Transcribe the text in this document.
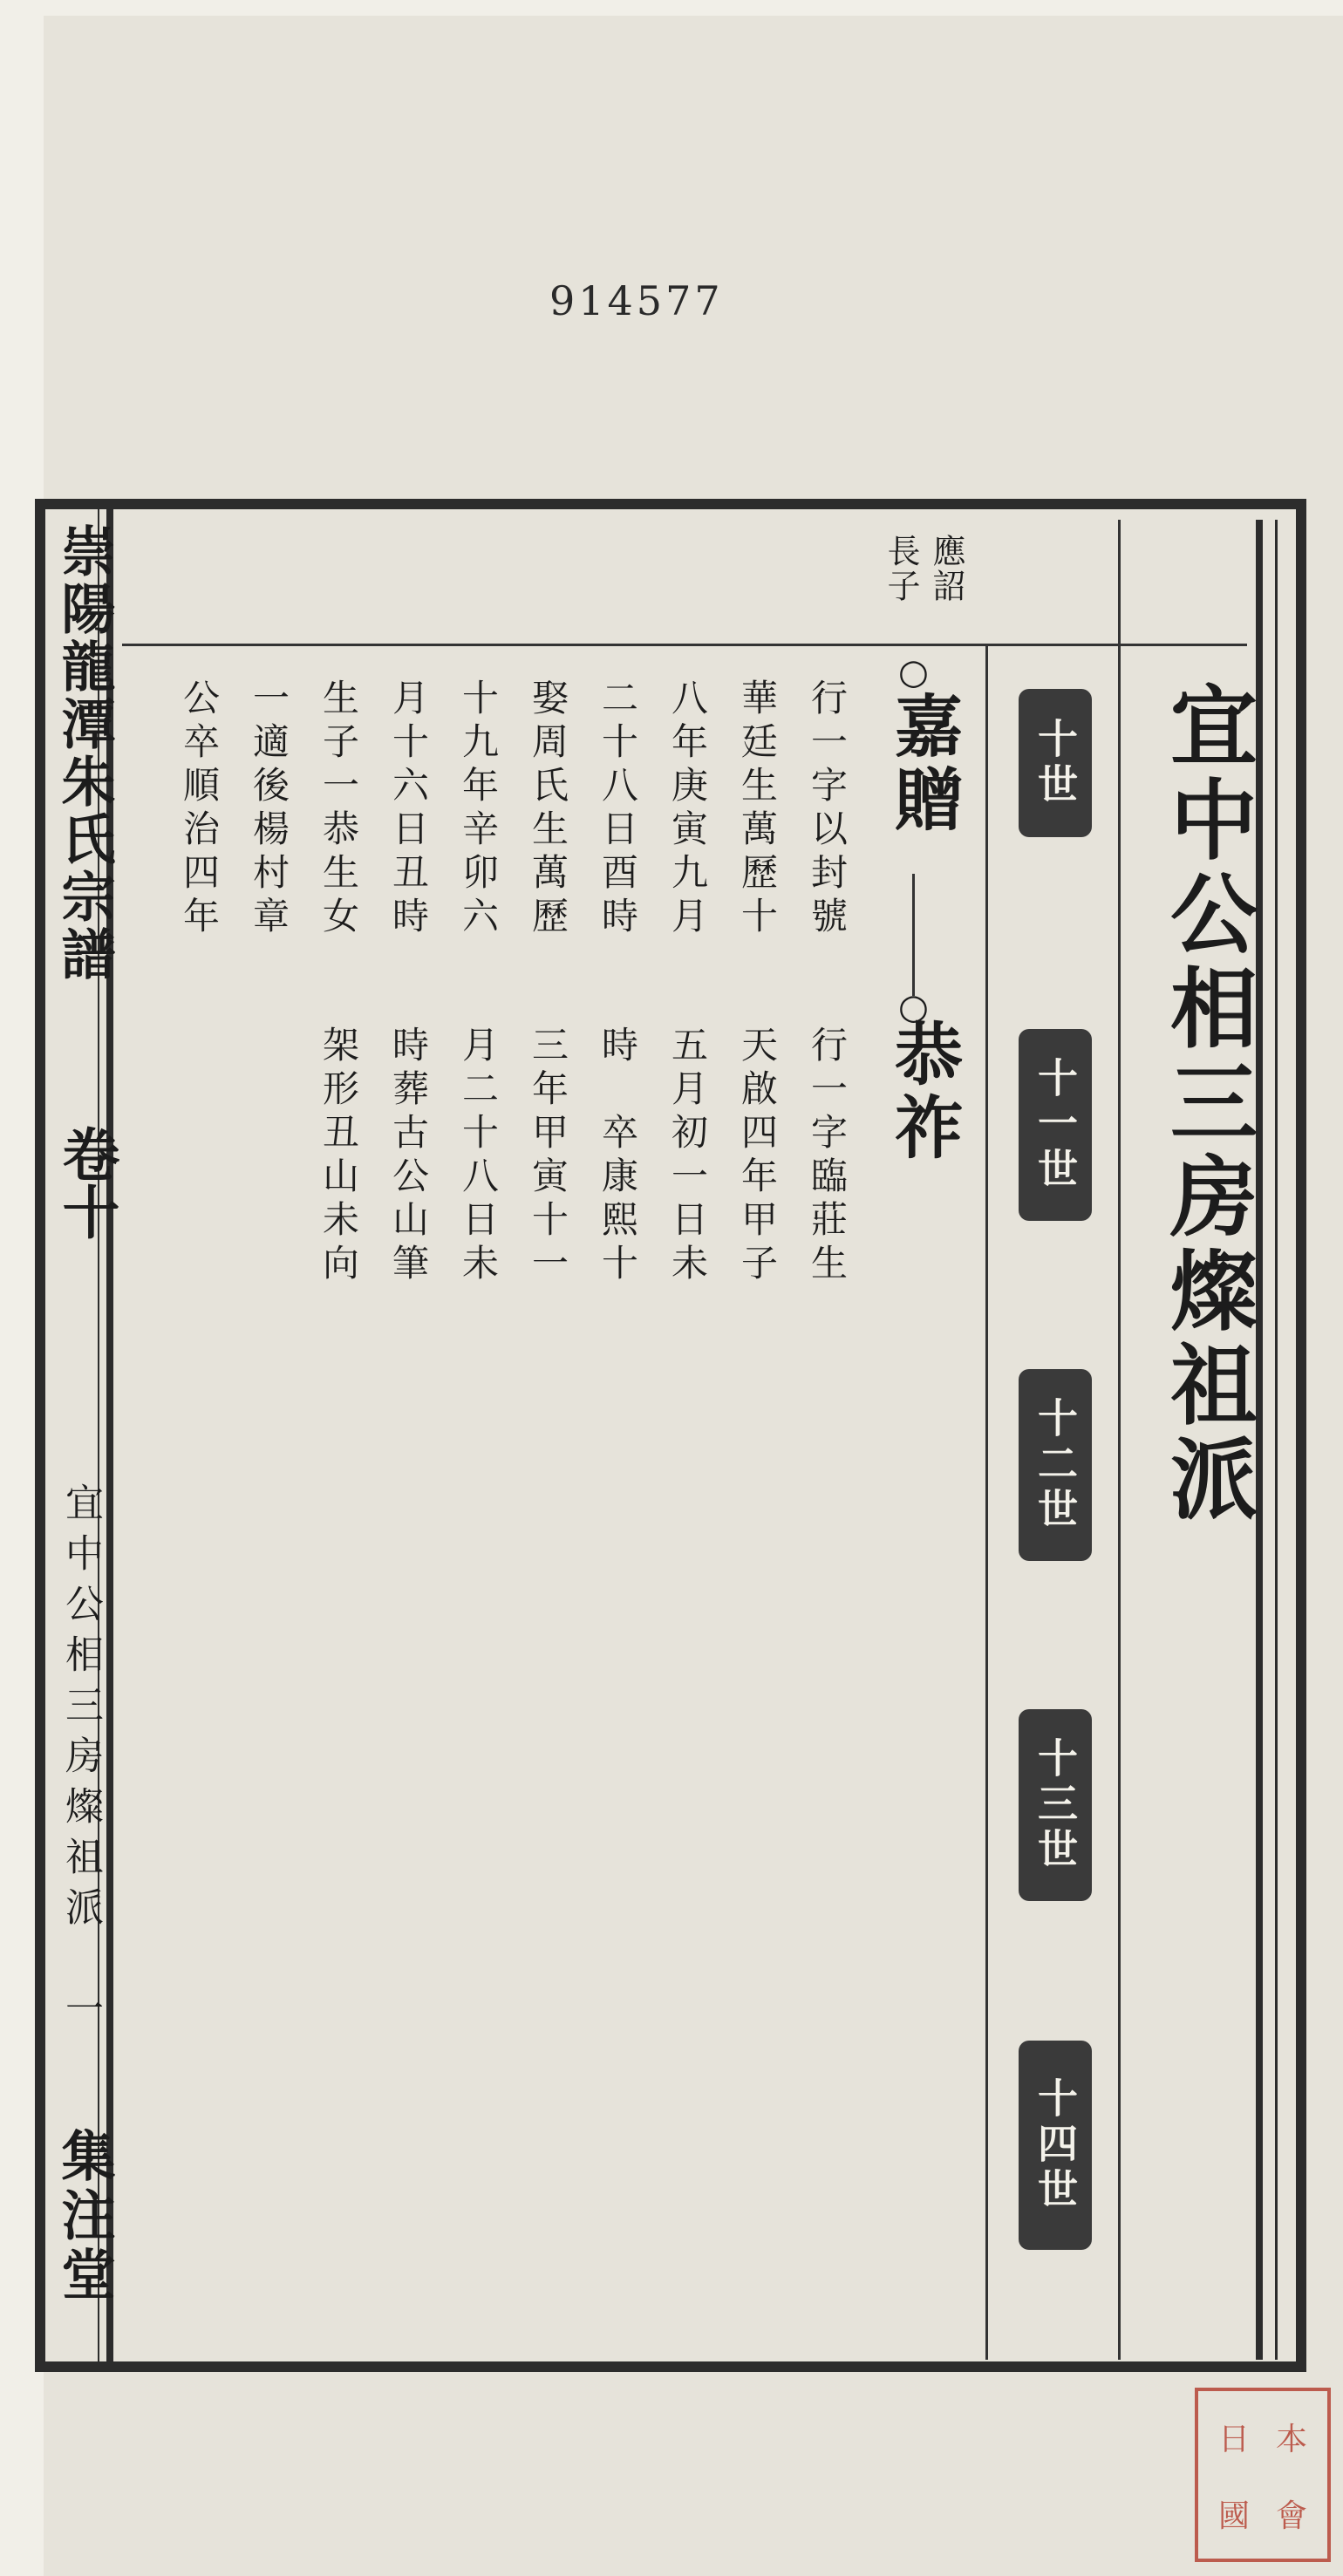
914577
宜中公相三房燦祖派
十世
十一世
十二世
十三世
十四世
應詔
長子
○
嘉贈
○
恭祚
行一字臨莊生
天啟四年甲子
五月初一日未
時　卒康熙十
三年甲寅十一
月二十八日未
時葬古公山筆
架形丑山未向
行一字以封號
華廷生萬歷十
八年庚寅九月
二十八日酉時
娶周氏生萬歷
十九年辛卯六
月十六日丑時
生子一恭生女
一適後楊村章
公卒順治四年
崇陽龍潭朱氏宗譜
卷十
宜中公相三房燦祖派　一
集注堂
日 本
國 會
